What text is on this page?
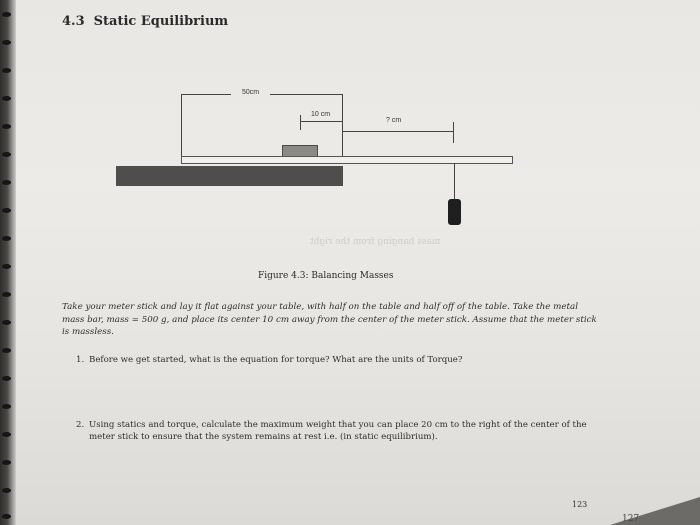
4.3 Static Equilibrium
50cm
10 cm
? cm
mass hanging from the right
Figure 4.3: Balancing Masses
Take your meter stick and lay it flat against your table, with half on the table and half off of the table. Take the metal mass bar, mass = 500 g, and place its center 10 cm away from the center of the meter stick. Assume that the meter stick is massless.
1. Before we get started, what is the equation for torque? What are the units of Torque?
2. Using statics and torque, calculate the maximum weight that you can place 20 cm to the right of the center of the meter stick to ensure that the system remains at rest i.e. (in static equilibrium).
123
127
